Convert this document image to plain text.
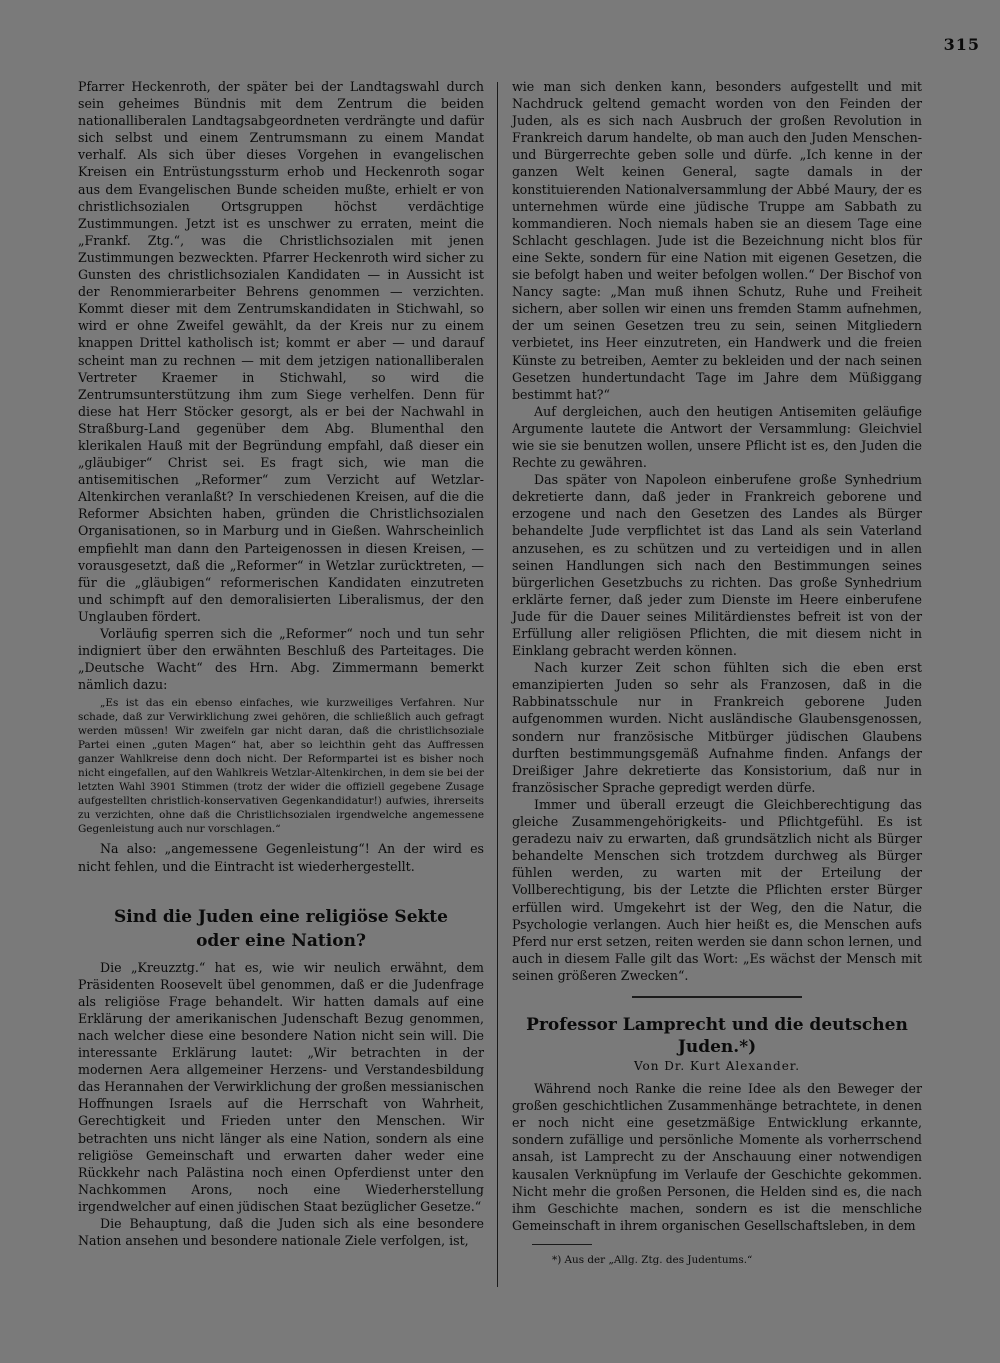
315

Pfarrer Heckenroth, der später bei der Landtagswahl durch sein geheimes Bündnis mit dem Zentrum die beiden nationalliberalen Landtagsabgeordneten verdrängte und dafür sich selbst und einem Zentrumsmann zu einem Mandat verhalf. Als sich über dieses Vorgehen in evangelischen Kreisen ein Entrüstungssturm erhob und Heckenroth sogar aus dem Evangelischen Bunde scheiden mußte, erhielt er von christlichsozialen Ortsgruppen höchst verdächtige Zustimmungen. Jetzt ist es unschwer zu erraten, meint die „Frankf. Ztg.“, was die Christlichsozialen mit jenen Zustimmungen bezweckten. Pfarrer Heckenroth wird sicher zu Gunsten des christlichsozialen Kandidaten — in Aussicht ist der Renommierarbeiter Behrens genommen — verzichten. Kommt dieser mit dem Zentrumskandidaten in Stichwahl, so wird er ohne Zweifel gewählt, da der Kreis nur zu einem knappen Drittel katholisch ist; kommt er aber — und darauf scheint man zu rechnen — mit dem jetzigen nationalliberalen Vertreter Kraemer in Stichwahl, so wird die Zentrumsunterstützung ihm zum Siege verhelfen. Denn für diese hat Herr Stöcker gesorgt, als er bei der Nachwahl in Straßburg-Land gegenüber dem Abg. Blumenthal den klerikalen Hauß mit der Begründung empfahl, daß dieser ein „gläubiger“ Christ sei. Es fragt sich, wie man die antisemitischen „Reformer“ zum Verzicht auf Wetzlar-Altenkirchen veranlaßt? In verschiedenen Kreisen, auf die die Reformer Absichten haben, gründen die Christlichsozialen Organisationen, so in Marburg und in Gießen. Wahrscheinlich empfiehlt man dann den Parteigenossen in diesen Kreisen, — vorausgesetzt, daß die „Reformer“ in Wetzlar zurücktreten, — für die „gläubigen“ reformerischen Kandidaten einzutreten und schimpft auf den demoralisierten Liberalismus, der den Unglauben fördert.

Vorläufig sperren sich die „Reformer“ noch und tun sehr indigniert über den erwähnten Beschluß des Parteitages. Die „Deutsche Wacht“ des Hrn. Abg. Zimmermann bemerkt nämlich dazu:

„Es ist das ein ebenso einfaches, wie kurzweiliges Verfahren. Nur schade, daß zur Verwirklichung zwei gehören, die schließlich auch gefragt werden müssen! Wir zweifeln gar nicht daran, daß die christlichsoziale Partei einen „guten Magen“ hat, aber so leichthin geht das Auffressen ganzer Wahlkreise denn doch nicht. Der Reformpartei ist es bisher noch nicht eingefallen, auf den Wahlkreis Wetzlar-Altenkirchen, in dem sie bei der letzten Wahl 3901 Stimmen (trotz der wider die offiziell gegebene Zusage aufgestellten christlich-konservativen Gegenkandidatur!) aufwies, ihrerseits zu verzichten, ohne daß die Christlichsozialen irgendwelche angemessene Gegenleistung auch nur vorschlagen.“

Na also: „angemessene Gegenleistung“! An der wird es nicht fehlen, und die Eintracht ist wiederhergestellt.

Sind die Juden eine religiöse Sekte
oder eine Nation?

Die „Kreuzztg.“ hat es, wie wir neulich erwähnt, dem Präsidenten Roosevelt übel genommen, daß er die Judenfrage als religiöse Frage behandelt. Wir hatten damals auf eine Erklärung der amerikanischen Judenschaft Bezug genommen, nach welcher diese eine besondere Nation nicht sein will. Die interessante Erklärung lautet: „Wir betrachten in der modernen Aera allgemeiner Herzens- und Verstandesbildung das Herannahen der Verwirklichung der großen messianischen Hoffnungen Israels auf die Herrschaft von Wahrheit, Gerechtigkeit und Frieden unter den Menschen. Wir betrachten uns nicht länger als eine Nation, sondern als eine religiöse Gemeinschaft und erwarten daher weder eine Rückkehr nach Palästina noch einen Opferdienst unter den Nachkommen Arons, noch eine Wiederherstellung irgendwelcher auf einen jüdischen Staat bezüglicher Gesetze.“

Die Behauptung, daß die Juden sich als eine besondere Nation ansehen und besondere nationale Ziele verfolgen, ist,

wie man sich denken kann, besonders aufgestellt und mit Nachdruck geltend gemacht worden von den Feinden der Juden, als es sich nach Ausbruch der großen Revolution in Frankreich darum handelte, ob man auch den Juden Menschen- und Bürgerrechte geben solle und dürfe. „Ich kenne in der ganzen Welt keinen General, sagte damals in der konstituierenden Nationalversammlung der Abbé Maury, der es unternehmen würde eine jüdische Truppe am Sabbath zu kommandieren. Noch niemals haben sie an diesem Tage eine Schlacht geschlagen. Jude ist die Bezeichnung nicht blos für eine Sekte, sondern für eine Nation mit eigenen Gesetzen, die sie befolgt haben und weiter befolgen wollen.“ Der Bischof von Nancy sagte: „Man muß ihnen Schutz, Ruhe und Freiheit sichern, aber sollen wir einen uns fremden Stamm aufnehmen, der um seinen Gesetzen treu zu sein, seinen Mitgliedern verbietet, ins Heer einzutreten, ein Handwerk und die freien Künste zu betreiben, Aemter zu bekleiden und der nach seinen Gesetzen hundertundacht Tage im Jahre dem Müßiggang bestimmt hat?“

Auf dergleichen, auch den heutigen Antisemiten geläufige Argumente lautete die Antwort der Versammlung: Gleichviel wie sie sie benutzen wollen, unsere Pflicht ist es, den Juden die Rechte zu gewähren.

Das später von Napoleon einberufene große Synhedrium dekretierte dann, daß jeder in Frankreich geborene und erzogene und nach den Gesetzen des Landes als Bürger behandelte Jude verpflichtet ist das Land als sein Vaterland anzusehen, es zu schützen und zu verteidigen und in allen seinen Handlungen sich nach den Bestimmungen seines bürgerlichen Gesetzbuchs zu richten. Das große Synhedrium erklärte ferner, daß jeder zum Dienste im Heere einberufene Jude für die Dauer seines Militärdienstes befreit ist von der Erfüllung aller religiösen Pflichten, die mit diesem nicht in Einklang gebracht werden können.

Nach kurzer Zeit schon fühlten sich die eben erst emanzipierten Juden so sehr als Franzosen, daß in die Rabbinatsschule nur in Frankreich geborene Juden aufgenommen wurden. Nicht ausländische Glaubensgenossen, sondern nur französische Mitbürger jüdischen Glaubens durften bestimmungsgemäß Aufnahme finden. Anfangs der Dreißiger Jahre dekretierte das Konsistorium, daß nur in französischer Sprache gepredigt werden dürfe.

Immer und überall erzeugt die Gleichberechtigung das gleiche Zusammengehörigkeits- und Pflichtgefühl. Es ist geradezu naiv zu erwarten, daß grundsätzlich nicht als Bürger behandelte Menschen sich trotzdem durchweg als Bürger fühlen werden, zu warten mit der Erteilung der Vollberechtigung, bis der Letzte die Pflichten erster Bürger erfüllen wird. Umgekehrt ist der Weg, den die Natur, die Psychologie verlangen. Auch hier heißt es, die Menschen aufs Pferd nur erst setzen, reiten werden sie dann schon lernen, und auch in diesem Falle gilt das Wort: „Es wächst der Mensch mit seinen größeren Zwecken“.

Professor Lamprecht und die deutschen Juden.*)
Von Dr. Kurt Alexander.

Während noch Ranke die reine Idee als den Beweger der großen geschichtlichen Zusammenhänge betrachtete, in denen er noch nicht eine gesetzmäßige Entwicklung erkannte, sondern zufällige und persönliche Momente als vorherrschend ansah, ist Lamprecht zu der Anschauung einer notwendigen kausalen Verknüpfung im Verlaufe der Geschichte gekommen. Nicht mehr die großen Personen, die Helden sind es, die nach ihm Geschichte machen, sondern es ist die menschliche Gemeinschaft in ihrem organischen Gesellschaftsleben, in dem

*) Aus der „Allg. Ztg. des Judentums.“
